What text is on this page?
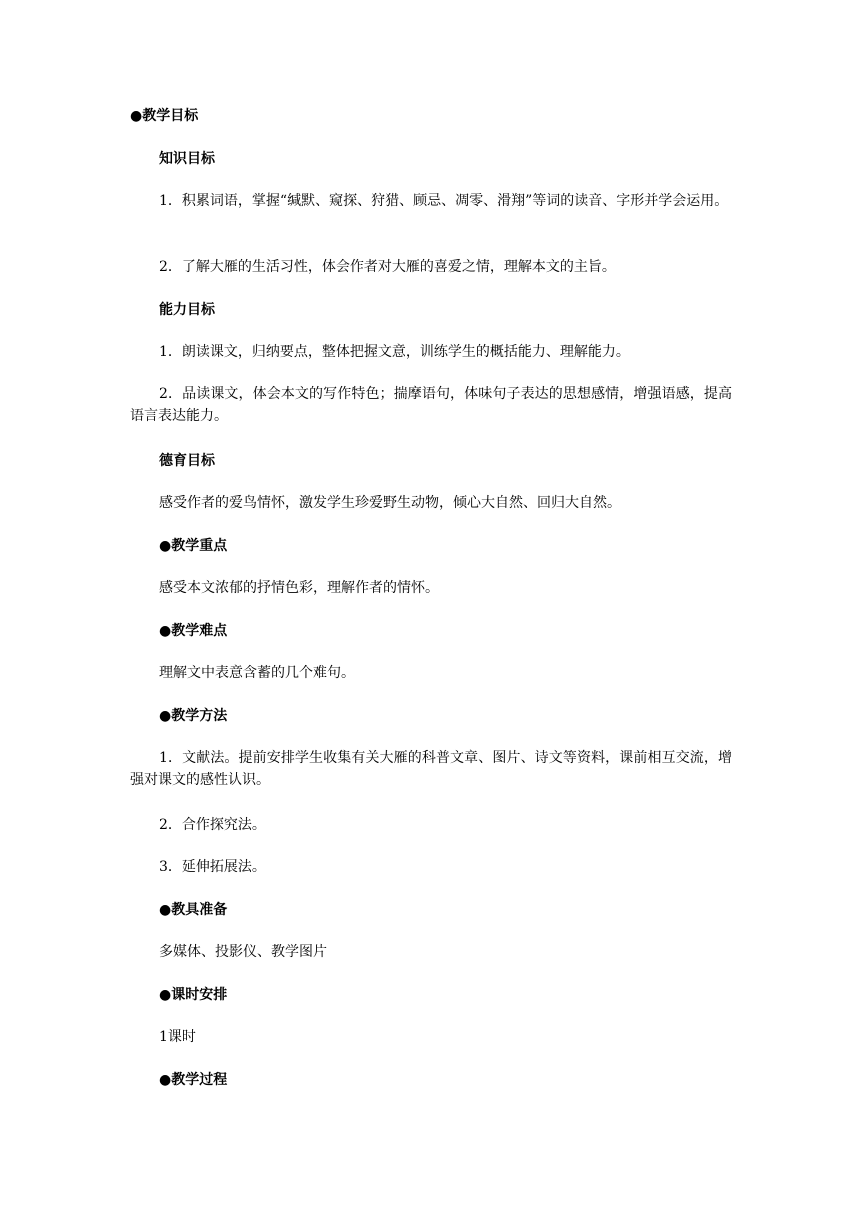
●教学目标
知识目标
1．积累词语，掌握“缄默、窥探、狩猎、顾忌、凋零、滑翔”等词的读音、字形并学会运用。
2．了解大雁的生活习性，体会作者对大雁的喜爱之情，理解本文的主旨。
能力目标
1．朗读课文，归纳要点，整体把握文意，训练学生的概括能力、理解能力。
2．品读课文，体会本文的写作特色；揣摩语句，体味句子表达的思想感情，增强语感，提高语言表达能力。
德育目标
感受作者的爱鸟情怀，激发学生珍爱野生动物，倾心大自然、回归大自然。
●教学重点
感受本文浓郁的抒情色彩，理解作者的情怀。
●教学难点
理解文中表意含蓄的几个难句。
●教学方法
1．文献法。提前安排学生收集有关大雁的科普文章、图片、诗文等资料，课前相互交流，增强对课文的感性认识。
2．合作探究法。
3．延伸拓展法。
●教具准备
多媒体、投影仪、教学图片
●课时安排
1课时
●教学过程
